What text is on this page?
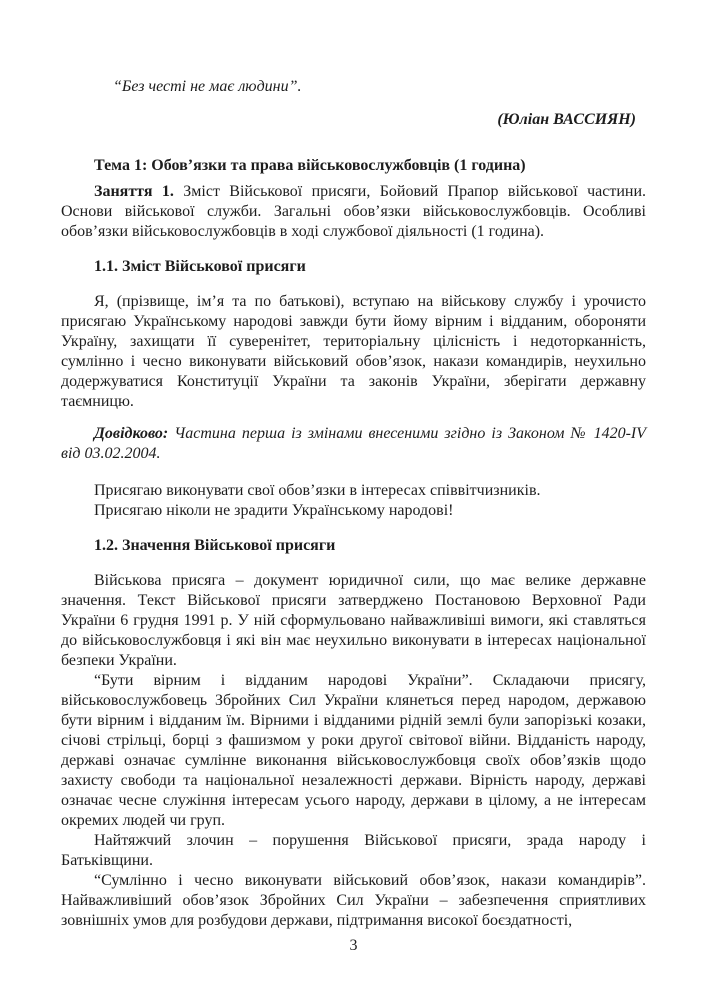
“Без честі не має людини”.

(Юліан ВАССИЯН)

Тема 1: Обов’язки та права військовослужбовців (1 година)

Заняття 1. Зміст Військової присяги, Бойовий Прапор військової частини. Основи військової служби. Загальні обов’язки військовослужбовців. Особливі обов’язки військовослужбовців в ході службової діяльності (1 година).

1.1. Зміст Військової присяги

Я, (прізвище, ім’я та по батькові), вступаю на військову службу і урочисто присягаю Українському народові завжди бути йому вірним і відданим, обороняти Україну, захищати її суверенітет, територіальну цілісність і недоторканність, сумлінно і чесно виконувати військовий обов’язок, накази командирів, неухильно додержуватися Конституції України та законів України, зберігати державну таємницю.

Довідково: Частина перша із змінами внесеними згідно із Законом № 1420-IV від 03.02.2004.

Присягаю виконувати свої обов’язки в інтересах співвітчизників.

Присягаю ніколи не зрадити Українському народові!

1.2. Значення Військової присяги

Військова присяга – документ юридичної сили, що має велике державне значення. Текст Військової присяги затверджено Постановою Верховної Ради України 6 грудня 1991 р. У ній сформульовано найважливіші вимоги, які ставляться до військовослужбовця і які він має неухильно виконувати в інтересах національної безпеки України.

“Бути вірним і відданим народові України”. Складаючи присягу, військовослужбовець Збройних Сил України клянеться перед народом, державою бути вірним і відданим їм. Вірними і відданими рідній землі були запорізькі козаки, січові стрільці, борці з фашизмом у роки другої світової війни. Відданість народу, державі означає сумлінне виконання військовослужбовця своїх обов’язків щодо захисту свободи та національної незалежності держави. Вірність народу, державі означає чесне служіння інтересам усього народу, держави в цілому, а не інтересам окремих людей чи груп.

Найтяжчий злочин – порушення Військової присяги, зрада народу і Батьківщини.

“Сумлінно і чесно виконувати військовий обов’язок, накази командирів”. Найважливіший обов’язок Збройних Сил України – забезпечення сприятливих зовнішніх умов для розбудови держави, підтримання високої боєздатності,

3
